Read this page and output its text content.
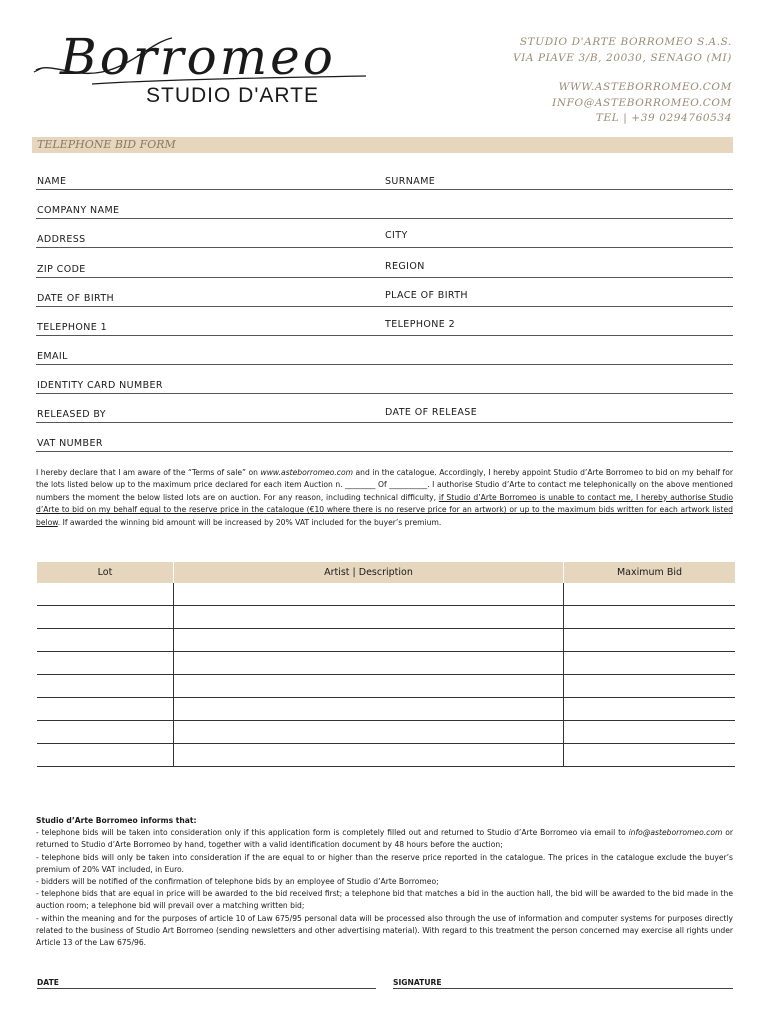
Borromeo
STUDIO D'ARTE
STUDIO D'ARTE BORROMEO S.A.S.
VIA PIAVE 3/B, 20030, SENAGO (MI)
WWW.ASTEBORROMEO.COM
INFO@ASTEBORROMEO.COM
TEL | +39 0294760534
TELEPHONE BID FORM
NAME	SURNAME
COMPANY NAME
ADDRESS	CITY
ZIP CODE	REGION
DATE OF BIRTH	PLACE OF BIRTH
TELEPHONE 1	TELEPHONE 2
EMAIL
IDENTITY CARD NUMBER
RELEASED BY	DATE OF RELEASE
VAT NUMBER
I hereby declare that I am aware of the “Terms of sale” on www.asteborromeo.com and in the catalogue. Accordingly, I hereby appoint Studio d’Arte Borromeo to bid on my behalf for the lots listed below up to the maximum price declared for each item Auction n. ________ Of __________. I authorise Studio d’Arte to contact me telephonically on the above mentioned numbers the moment the below listed lots are on auction. For any reason, including technical difficulty, if Studio d’Arte Borromeo is unable to contact me, I hereby authorise Studio d’Arte to bid on my behalf equal to the reserve price in the catalogue (€10 where there is no reserve price for an artwork) or up to the maximum bids written for each artwork listed below. If awarded the winning bid amount will be increased by 20% VAT included for the buyer’s premium.
Lot	Artist | Description	Maximum Bid

Studio d’Arte Borromeo informs that:
- telephone bids will be taken into consideration only if this application form is completely filled out and returned to Studio d’Arte Borromeo via email to info@asteborromeo.com or returned to Studio d’Arte Borromeo by hand, together with a valid identification document by 48 hours before the auction;
- telephone bids will only be taken into consideration if the are equal to or higher than the reserve price reported in the catalogue. The prices in the catalogue exclude the buyer’s premium of 20% VAT included, in Euro.
- bidders will be notified of the confirmation of telephone bids by an employee of Studio d’Arte Borromeo;
- telephone bids that are equal in price will be awarded to the bid received first; a telephone bid that matches a bid in the auction hall, the bid will be awarded to the bid made in the auction room; a telephone bid will prevail over a matching written bid;
- within the meaning and for the purposes of article 10 of Law 675/95 personal data will be processed also through the use of information and computer systems for purposes directly related to the business of Studio Art Borromeo (sending newsletters and other advertising material). With regard to this treatment the person concerned may exercise all rights under Article 13 of the Law 675/96.
DATE	SIGNATURE
